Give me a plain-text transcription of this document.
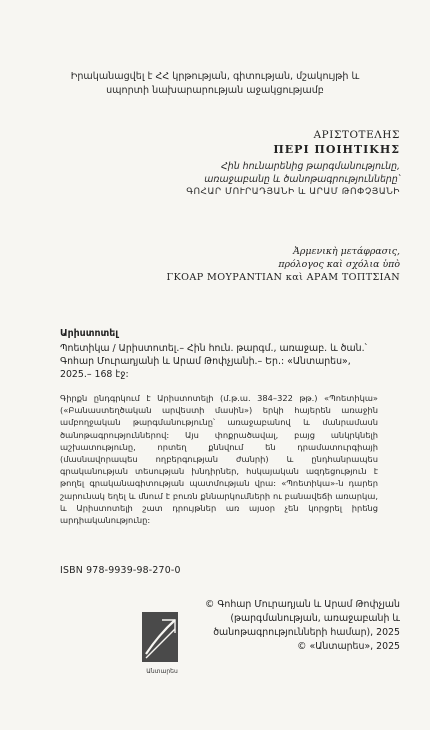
Իրականացվել է ՀՀ կրթության, գիտության, մշակույթի և
սպորտի նախարարության աջակցությամբ
ΑΡΙΣΤΟΤΕΛΗΣ
ΠΕΡΙ ΠΟΙΗΤΙΚΗΣ
Հին հունարենից թարգմանությունը,
առաջաբանը և ծանոթագրությունները՝
ԳՈՀԱՐ ՄՈՒՐԱԴՅԱՆԻ և ԱՐԱՄ ԹՈՓՉՅԱՆԻ
Ἀρμενικὴ μετάφρασις,
πρόλογος καὶ σχόλια ὑπὸ
ΓΚΟΑΡ ΜΟΥΡΑΝΤΙΑΝ καὶ ΑΡΑΜ ΤΟΠΤΣΙΑΝ
Արիստոտել
Պոետիկա / Արիստոտել.– Հին հուն. թարգմ., առաջաբ. և ծան.՝
Գոհար Մուրադյանի և Արամ Թոփչյանի.– Եր.: «Անտարես»,
2025.– 168 էջ:
Գիրքն ընդգրկում է Արիստոտելի (մ.թ.ա. 384–322 թթ.) «Պոետիկա» («Բանաստեղծական արվեստի մասին») երկի հայերեն առաջին ամբողջական թարգմանությունը՝ առաջաբանով և մանրամասն ծանոթագրություններով: Այս փոքրածավալ, բայց անկրկնելի աշխատությունը, որտեղ քննվում են դրամատուրգիայի (մասնավորապես ողբերգության ժանրի) և ընդհանրապես գրականության տեսության խնդիրներ, հսկայական ազդեցություն է թողել գրականագիտության պատմության վրա: «Պոետիկա»-ն դարեր շարունակ եղել և մնում է բուռն քննարկումների ու բանավեճի առարկա, և Արիստոտելի շատ դրույթներ առ այսօր չեն կորցրել իրենց արդիականությունը:
ISBN 978-9939-98-270-0
Անտարես
© Գոհար Մուրադյան և Արամ Թոփչյան
(թարգմանության, առաջաբանի և
ծանոթագրությունների համար), 2025
© «Անտարես», 2025
